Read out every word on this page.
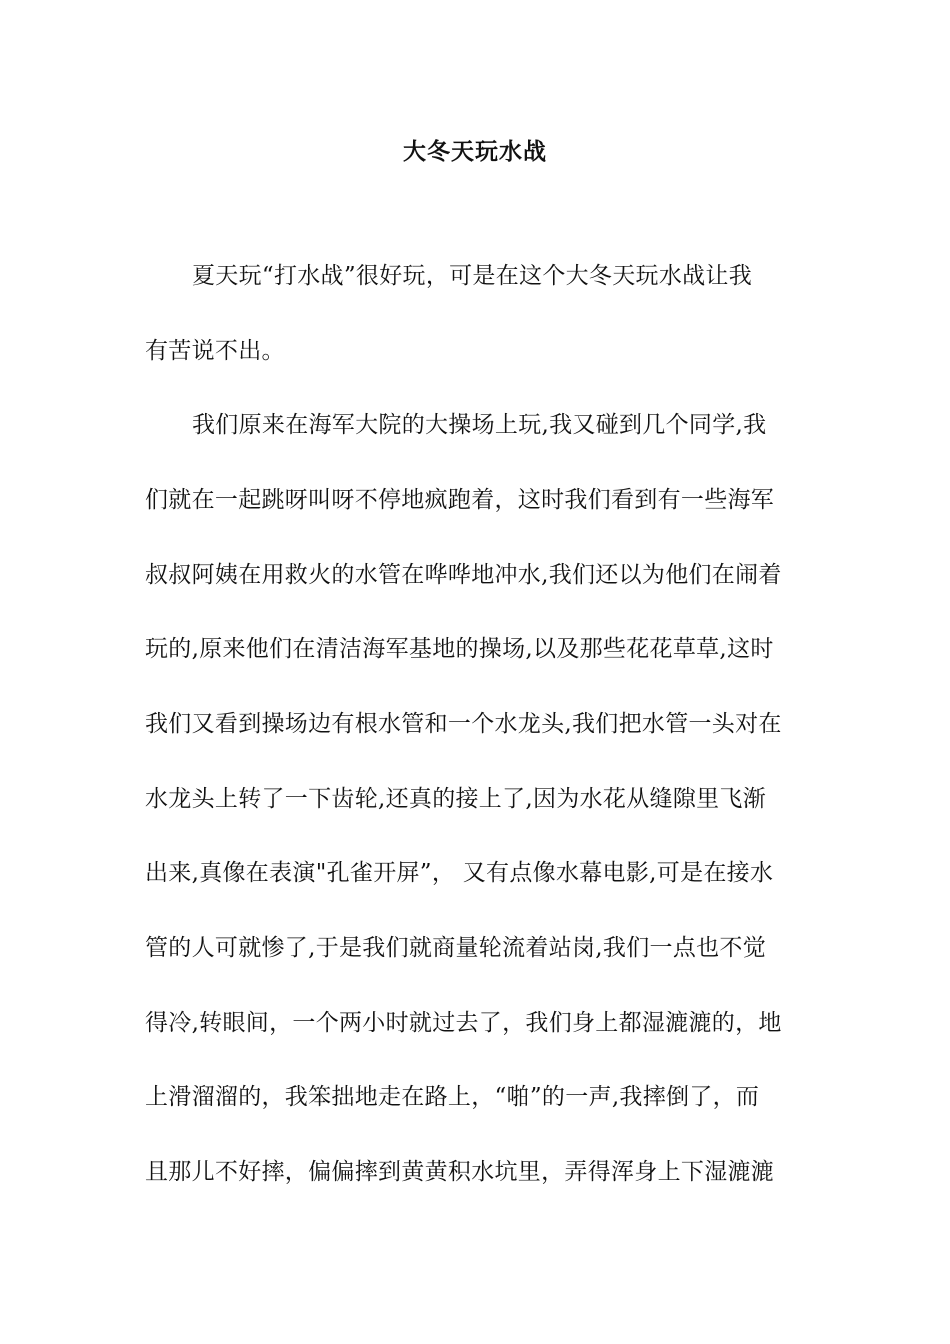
大冬天玩水战
夏天玩“打水战”很好玩，可是在这个大冬天玩水战让我
有苦说不出。
我们原来在海军大院的大操场上玩,我又碰到几个同学,我
们就在一起跳呀叫呀不停地疯跑着，这时我们看到有一些海军
叔叔阿姨在用救火的水管在哗哗地冲水,我们还以为他们在闹着
玩的,原来他们在清洁海军基地的操场,以及那些花花草草,这时
我们又看到操场边有根水管和一个水龙头,我们把水管一头对在
水龙头上转了一下齿轮,还真的接上了,因为水花从缝隙里飞渐
出来,真像在表演"孔雀开屏”， 又有点像水幕电影,可是在接水
管的人可就惨了,于是我们就商量轮流着站岗,我们一点也不觉
得冷,转眼间，一个两小时就过去了，我们身上都湿漉漉的，地
上滑溜溜的，我笨拙地走在路上，“啪”的一声,我摔倒了，而
且那儿不好摔，偏偏摔到黄黄积水坑里，弄得浑身上下湿漉漉
